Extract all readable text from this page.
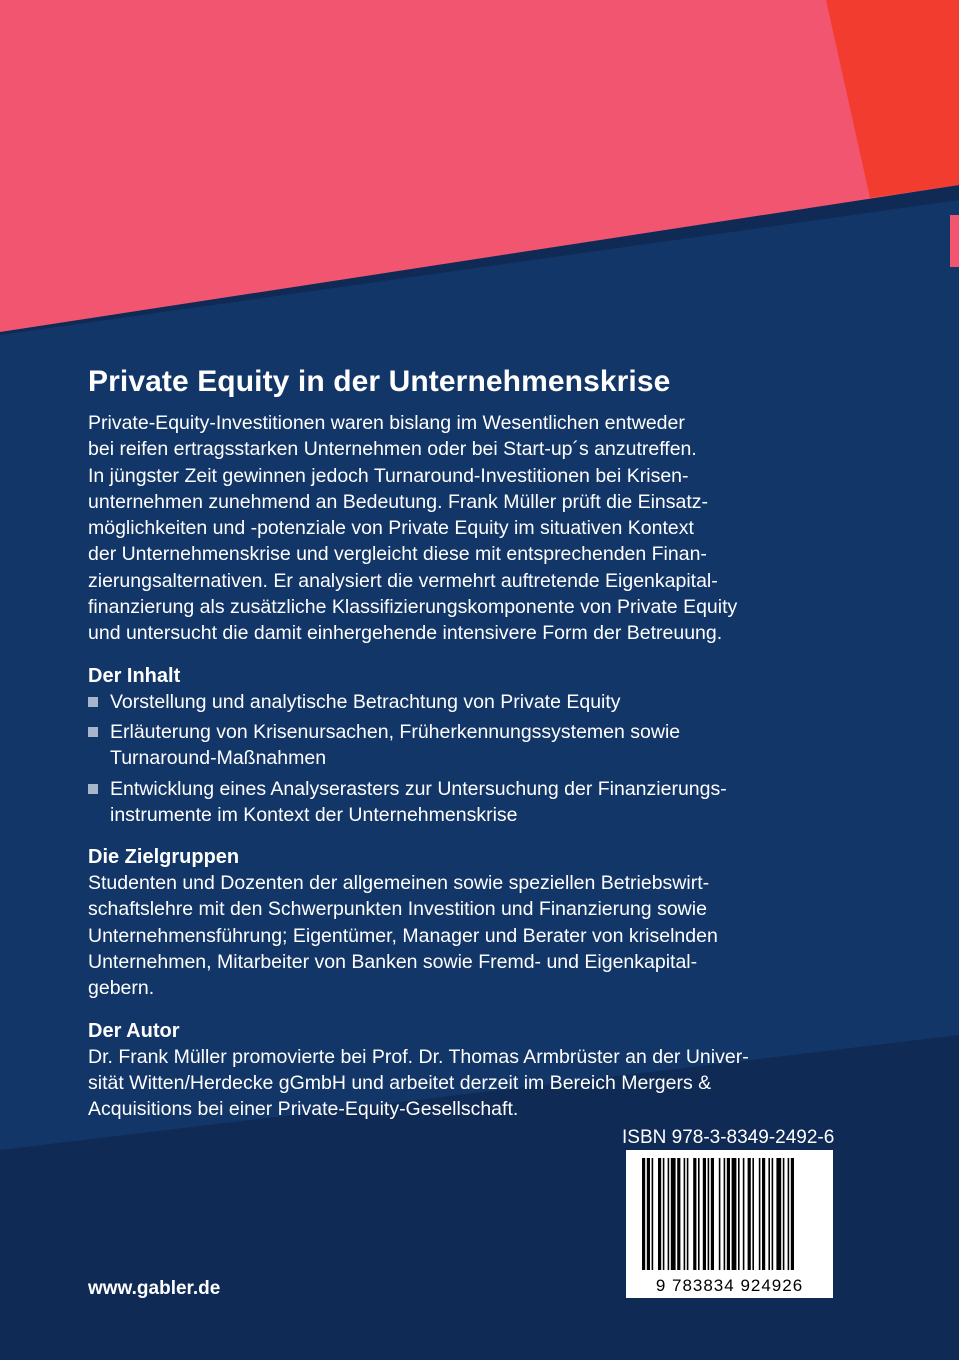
Private Equity in der Unternehmenskrise

Private-Equity-Investitionen waren bislang im Wesentlichen entweder

bei reifen ertragsstarken Unternehmen oder bei Start-up´s anzutreffen.

In jüngster Zeit gewinnen jedoch Turnaround-Investitionen bei Krisen-

unternehmen zunehmend an Bedeutung. Frank Müller prüft die Einsatz-

möglichkeiten und -potenziale von Private Equity im situativen Kontext

der Unternehmenskrise und vergleicht diese mit entsprechenden Finan-

zierungsalternativen. Er analysiert die vermehrt auftretende Eigenkapital-

finanzierung als zusätzliche Klassifizierungskomponente von Private Equity

und untersucht die damit einhergehende intensivere Form der Betreuung.

Der Inhalt

Vorstellung und analytische Betrachtung von Private Equity

Erläuterung von Krisenursachen, Früherkennungssystemen sowie

Turnaround-Maßnahmen

Entwicklung eines Analyserasters zur Untersuchung der Finanzierungs-

instrumente im Kontext der Unternehmenskrise

Die Zielgruppen

Studenten und Dozenten der allgemeinen sowie speziellen Betriebswirt-

schaftslehre mit den Schwerpunkten Investition und Finanzierung sowie

Unternehmensführung; Eigentümer, Manager und Berater von kriselnden

Unternehmen, Mitarbeiter von Banken sowie Fremd- und Eigenkapital-

gebern.

Der Autor

Dr. Frank Müller promovierte bei Prof. Dr. Thomas Armbrüster an der Univer-

sität Witten/Herdecke gGmbH und arbeitet derzeit im Bereich Mergers &

Acquisitions bei einer Private-Equity-Gesellschaft.

ISBN 978-3-8349-2492-6
9 783834 924926
www.gabler.de
